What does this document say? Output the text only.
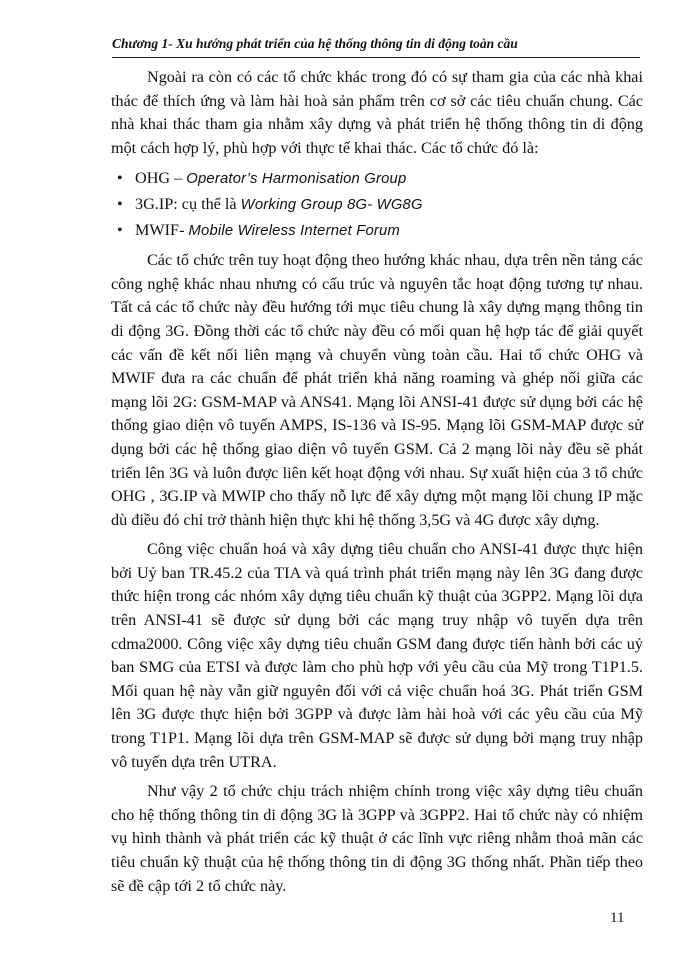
Chương 1- Xu hướng phát triển của hệ thống thông tin di động toàn cầu

Ngoài ra còn có các tổ chức khác trong đó có sự tham gia của các nhà khai thác để thích ứng và làm hài hoà sản phẩm trên cơ sở các tiêu chuẩn chung. Các nhà khai thác tham gia nhằm xây dựng và phát triển hệ thống thông tin di động một cách hợp lý, phù hợp với thực tế khai thác. Các tổ chức đó là:

• OHG – Operator’s Harmonisation Group
• 3G.IP: cụ thể là Working Group 8G- WG8G
• MWIF- Mobile Wireless Internet Forum

Các tổ chức trên tuy hoạt động theo hướng khác nhau, dựa trên nền tảng các công nghệ khác nhau nhưng có cấu trúc và nguyên tắc hoạt động tương tự nhau. Tất cả các tổ chức này đều hướng tới mục tiêu chung là xây dựng mạng thông tin di động 3G. Đồng thời các tổ chức này đều có mối quan hệ hợp tác để giải quyết các vấn đề kết nối liên mạng và chuyển vùng toàn cầu. Hai tổ chức OHG và MWIF đưa ra các chuẩn để phát triển khả năng roaming và ghép nối giữa các mạng lõi 2G: GSM-MAP và ANS41. Mạng lõi ANSI-41 được sử dụng bởi các hệ thống giao diện vô tuyến AMPS, IS-136 và IS-95. Mạng lõi GSM-MAP được sử dụng bởi các hệ thống giao diện vô tuyến GSM. Cả 2 mạng lõi này đều sẽ phát triển lên 3G và luôn được liên kết hoạt động với nhau. Sự xuất hiện của 3 tổ chức OHG , 3G.IP và MWIP cho thấy nỗ lực để xây dựng một mạng lõi chung IP mặc dù điều đó chỉ trở thành hiện thực khi hệ thống 3,5G và 4G được xây dựng.

Công việc chuẩn hoá và xây dựng tiêu chuẩn cho ANSI-41 được thực hiện bởi Uỷ ban TR.45.2 của TIA và quá trình phát triển mạng này lên 3G đang được thức hiện trong các nhóm xây dựng tiêu chuẩn kỹ thuật của 3GPP2. Mạng lõi dựa trên ANSI-41 sẽ được sử dụng bởi các mạng truy nhập vô tuyến dựa trên cdma2000. Công việc xây dựng tiêu chuẩn GSM đang được tiến hành bởi các uỷ ban SMG của ETSI và được làm cho phù hợp với yêu cầu của Mỹ trong T1P1.5. Mối quan hệ này vẫn giữ nguyên đối với cả việc chuẩn hoá 3G. Phát triển GSM lên 3G được thực hiện bởi 3GPP và được làm hài hoà với các yêu cầu của Mỹ trong T1P1. Mạng lõi dựa trên GSM-MAP sẽ được sử dụng bởi mạng truy nhập vô tuyến dựa trên UTRA.

Như vậy 2 tổ chức chịu trách nhiệm chính trong việc xây dựng tiêu chuẩn cho hệ thống thông tin di động 3G là 3GPP và 3GPP2. Hai tổ chức này có nhiệm vụ hình thành và phát triển các kỹ thuật ở các lĩnh vực riêng nhằm thoả mãn các tiêu chuẩn kỹ thuật của hệ thống thông tin di động 3G thống nhất. Phần tiếp theo sẽ đề cập tới 2 tổ chức này.

11
